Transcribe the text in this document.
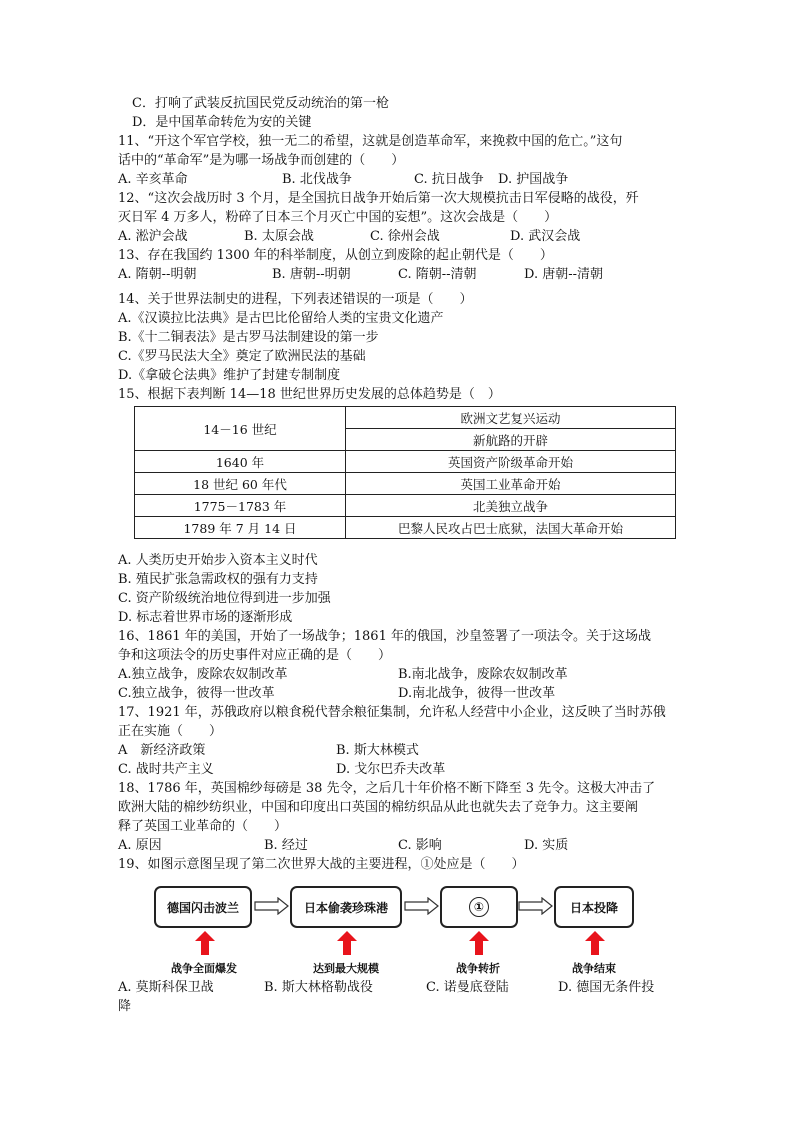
C．打响了武装反抗国民党反动统治的第一枪
D．是中国革命转危为安的关键
11、“开这个军官学校，独一无二的希望，这就是创造革命军，来挽救中国的危亡。”这句
话中的“革命军”是为哪一场战争而创建的（　　）
A. 辛亥革命	B. 北伐战争	C. 抗日战争 D. 护国战争
12、“这次会战历时 3 个月，是全国抗日战争开始后第一次大规模抗击日军侵略的战役，歼
灭日军 4 万多人，粉碎了日本三个月灭亡中国的妄想”。这次会战是（　　）
A. 淞沪会战	B. 太原会战	C. 徐州会战	D. 武汉会战
13、存在我国约 1300 年的科举制度，从创立到废除的起止朝代是（　　）
A. 隋朝--明朝	B. 唐朝--明朝	C. 隋朝--清朝	D. 唐朝--清朝
14、关于世界法制史的进程，下列表述错误的一项是（　　）
A.《汉谟拉比法典》是古巴比伦留给人类的宝贵文化遗产
B.《十二铜表法》是古罗马法制建设的第一步
C.《罗马民法大全》奠定了欧洲民法的基础
D.《拿破仑法典》维护了封建专制制度
15、根据下表判断 14—18 世纪世界历史发展的总体趋势是（　）
14－16 世纪	欧洲文艺复兴运动
	新航路的开辟
1640 年	英国资产阶级革命开始
18 世纪 60 年代	英国工业革命开始
1775－1783 年	北美独立战争
1789 年 7 月 14 日	巴黎人民攻占巴士底狱，法国大革命开始
A. 人类历史开始步入资本主义时代
B. 殖民扩张急需政权的强有力支持
C. 资产阶级统治地位得到进一步加强
D. 标志着世界市场的逐渐形成
16、1861 年的美国，开始了一场战争；1861 年的俄国，沙皇签署了一项法令。关于这场战
争和这项法令的历史事件对应正确的是（　　）
A.独立战争，废除农奴制改革	B.南北战争，废除农奴制改革
C.独立战争，彼得一世改革	D.南北战争，彼得一世改革
17、1921 年，苏俄政府以粮食税代替余粮征集制，允许私人经营中小企业，这反映了当时苏俄
正在实施（　　）
A　新经济政策	B. 斯大林模式
C. 战时共产主义	D. 戈尔巴乔夫改革
18、1786 年，英国棉纱每磅是 38 先令，之后几十年价格不断下降至 3 先令。这极大冲击了
欧洲大陆的棉纱纺织业，中国和印度出口英国的棉纺织品从此也就失去了竞争力。这主要阐
释了英国工业革命的（　　）
A. 原因	B. 经过	C. 影响	D. 实质
19、如图示意图呈现了第二次世界大战的主要进程，①处应是（　　）
德国闪击波兰	日本偷袭珍珠港	①	日本投降
战争全面爆发	达到最大规模	战争转折	战争结束
A. 莫斯科保卫战	B. 斯大林格勒战役	C. 诺曼底登陆	D. 德国无条件投
降
